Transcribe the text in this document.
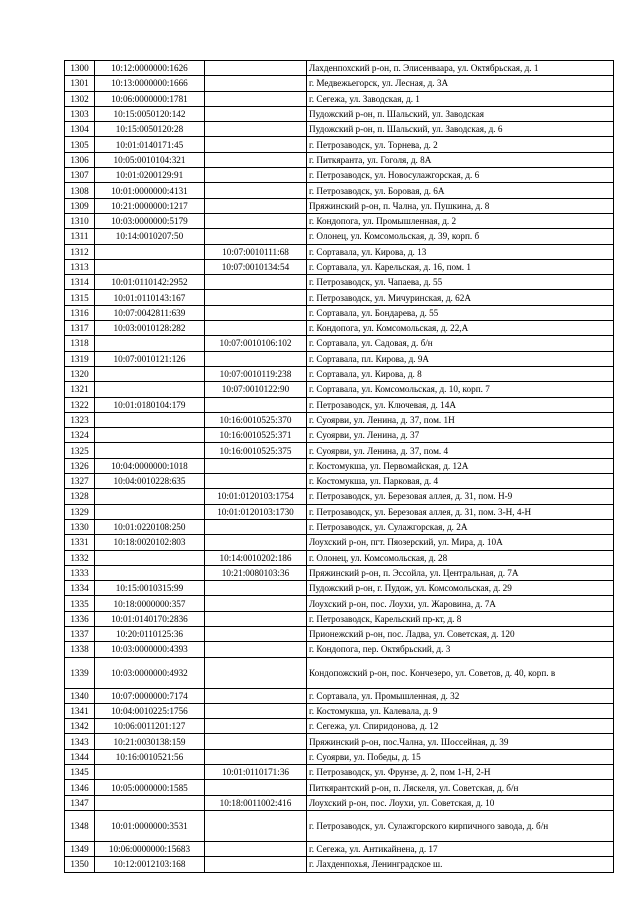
1300	10:12:0000000:1626		Лахденпохский р-он, п. Элисенваара, ул. Октябрьская, д. 1
1301	10:13:0000000:1666		г. Медвежьегорск, ул. Лесная, д. 3А
1302	10:06:0000000:1781		г. Сегежа, ул. Заводская, д. 1
1303	10:15:0050120:142		Пудожский р-он, п. Шальский, ул. Заводская
1304	10:15:0050120:28		Пудожский р-он, п. Шальский, ул. Заводская, д. 6
1305	10:01:0140171:45		г. Петрозаводск, ул. Торнева, д. 2
1306	10:05:0010104:321		г. Питкяранта, ул. Гоголя, д. 8А
1307	10:01:0200129:91		г. Петрозаводск, ул. Новосулажгорская, д. 6
1308	10:01:0000000:4131		г. Петрозаводск, ул. Боровая, д. 6А
1309	10:21:0000000:1217		Пряжинский р-он, п. Чална, ул. Пушкина, д. 8
1310	10:03:0000000:5179		г. Кондопога, ул. Промышленная, д. 2
1311	10:14:0010207:50		г. Олонец, ул. Комсомольская, д. 39, корп. б
1312		10:07:0010111:68	г. Сортавала, ул. Кирова, д. 13
1313		10:07:0010134:54	г. Сортавала, ул. Карельская, д. 16, пом. 1
1314	10:01:0110142:2952		г. Петрозаводск, ул. Чапаева, д. 55
1315	10:01:0110143:167		г. Петрозаводск, ул. Мичуринская, д. 62А
1316	10:07:0042811:639		г. Сортавала, ул. Бондарева, д. 55
1317	10:03:0010128:282		г. Кондопога, ул. Комсомольская, д. 22,А
1318		10:07:0010106:102	г. Сортавала, ул. Садовая, д. б/н
1319	10:07:0010121:126		г. Сортавала, пл. Кирова, д. 9А
1320		10:07:0010119:238	г. Сортавала, ул. Кирова, д. 8
1321		10:07:0010122:90	г. Сортавала, ул. Комсомольская, д. 10, корп. 7
1322	10:01:0180104:179		г. Петрозаводск, ул. Ключевая, д. 14А
1323		10:16:0010525:370	г. Суоярви, ул. Ленина, д. 37, пом. 1Н
1324		10:16:0010525:371	г. Суоярви, ул. Ленина, д. 37
1325		10:16:0010525:375	г. Суоярви, ул. Ленина, д. 37, пом. 4
1326	10:04:0000000:1018		г. Костомукша, ул. Первомайская, д. 12А
1327	10:04:0010228:635		г. Костомукша, ул. Парковая, д. 4
1328		10:01:0120103:1754	г. Петрозаводск, ул. Березовая аллея, д. 31, пом. Н-9
1329		10:01:0120103:1730	г. Петрозаводск, ул. Березовая аллея, д. 31, пом. 3-Н, 4-Н
1330	10:01:0220108:250		г. Петрозаводск, ул. Сулажгорская, д. 2А
1331	10:18:0020102:803		Лоухский р-он, пгт. Пяозерский, ул. Мира, д. 10А
1332		10:14:0010202:186	г. Олонец, ул. Комсомольская, д. 28
1333		10:21:0080103:36	Пряжинский р-он, п. Эссойла, ул. Центральная, д. 7А
1334	10:15:0010315:99		Пудожский р-он, г. Пудож, ул. Комсомольская, д. 29
1335	10:18:0000000:357		Лоухский р-он, пос. Лоухи, ул. Жаровина, д. 7А
1336	10:01:0140170:2836		г. Петрозаводск, Карельский пр-кт, д. 8
1337	10:20:0110125:36		Прионежский р-он, пос. Ладва, ул. Советская, д. 120
1338	10:03:0000000:4393		г. Кондопога, пер. Октябрьский, д. 3
1339	10:03:0000000:4932		Кондопожский р-он, пос. Кончезеро, ул. Советов, д. 40, корп. в
1340	10:07:0000000:7174		г. Сортавала, ул. Промышленная, д. 32
1341	10:04:0010225:1756		г. Костомукша, ул. Калевала, д. 9
1342	10:06:0011201:127		г. Сегежа, ул. Спиридонова, д. 12
1343	10:21:0030138:159		Пряжинский р-он, пос.Чална, ул. Шоссейная, д. 39
1344	10:16:0010521:56		г. Суоярви, ул. Победы, д. 15
1345		10:01:0110171:36	г. Петрозаводск, ул. Фрунзе, д. 2, пом 1-Н, 2-Н
1346	10:05:0000000:1585		Питкярантский р-он, п. Ляскеля, ул. Советская, д. б/н
1347		10:18:0011002:416	Лоухский р-он, пос. Лоухи, ул. Советская, д. 10
1348	10:01:0000000:3531		г. Петрозаводск, ул. Сулажгорского кирпичного завода, д. б/н
1349	10:06:0000000:15683		г. Сегежа, ул. Антикайнена, д. 17
1350	10:12:0012103:168		г. Лахденпохья, Ленинградское ш.
